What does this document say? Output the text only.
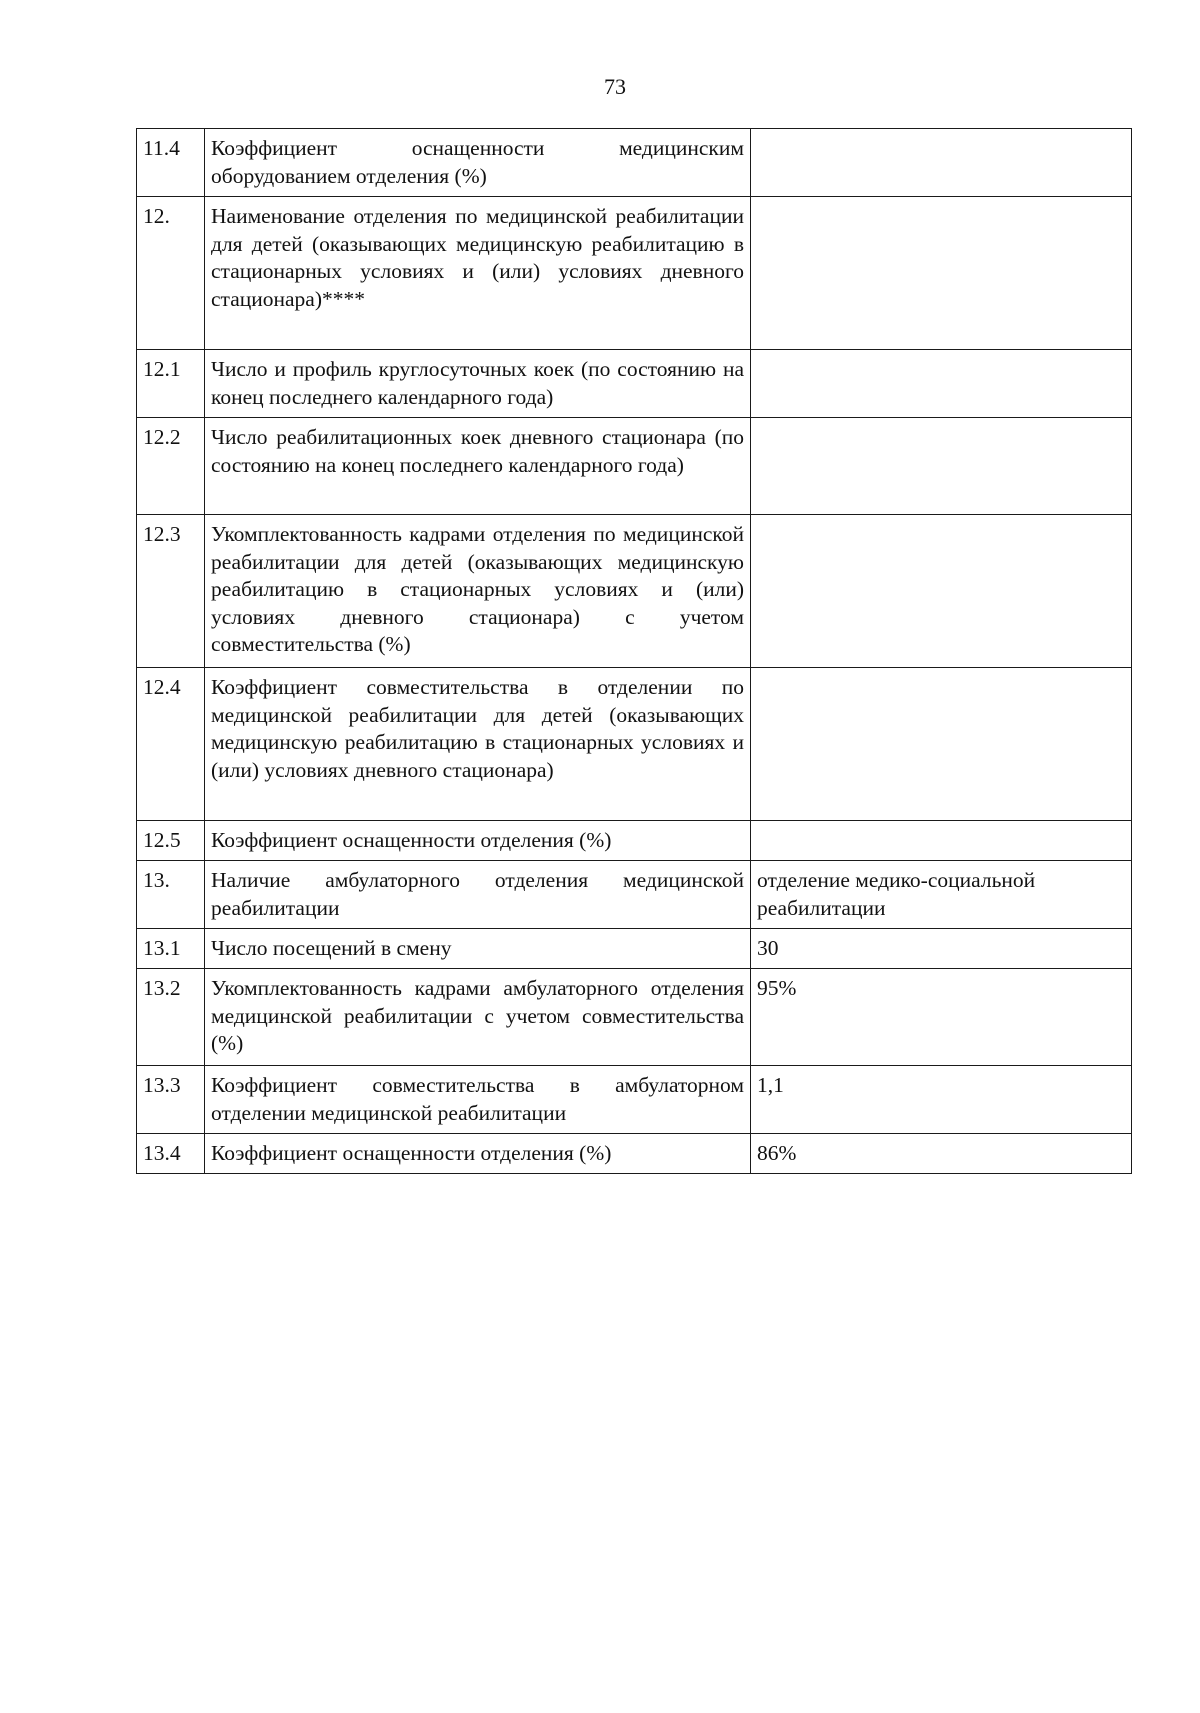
73
11.4	Коэффициент оснащенности медицинским оборудованием отделения (%)	
12.	Наименование отделения по медицинской реабилитации для детей (оказывающих медицинскую реабилитацию в стационарных условиях и (или) условиях дневного стационара)****	
12.1	Число и профиль круглосуточных коек (по состоянию на конец последнего календарного года)	
12.2	Число реабилитационных коек дневного стационара (по состоянию на конец последнего календарного года)	
12.3	Укомплектованность кадрами отделения по медицинской реабилитации для детей (оказывающих медицинскую реабилитацию в стационарных условиях и (или) условиях дневного стационара) с учетом совместительства (%)	
12.4	Коэффициент совместительства в отделении по медицинской реабилитации для детей (оказывающих медицинскую реабилитацию в стационарных условиях и (или) условиях дневного стационара)	
12.5	Коэффициент оснащенности отделения (%)	
13.	Наличие амбулаторного отделения медицинской реабилитации	отделение медико-социальной реабилитации
13.1	Число посещений в смену	30
13.2	Укомплектованность кадрами амбулаторного отделения медицинской реабилитации с учетом совместительства (%)	95%
13.3	Коэффициент совместительства в амбулаторном отделении медицинской реабилитации	1,1
13.4	Коэффициент оснащенности отделения (%)	86%
